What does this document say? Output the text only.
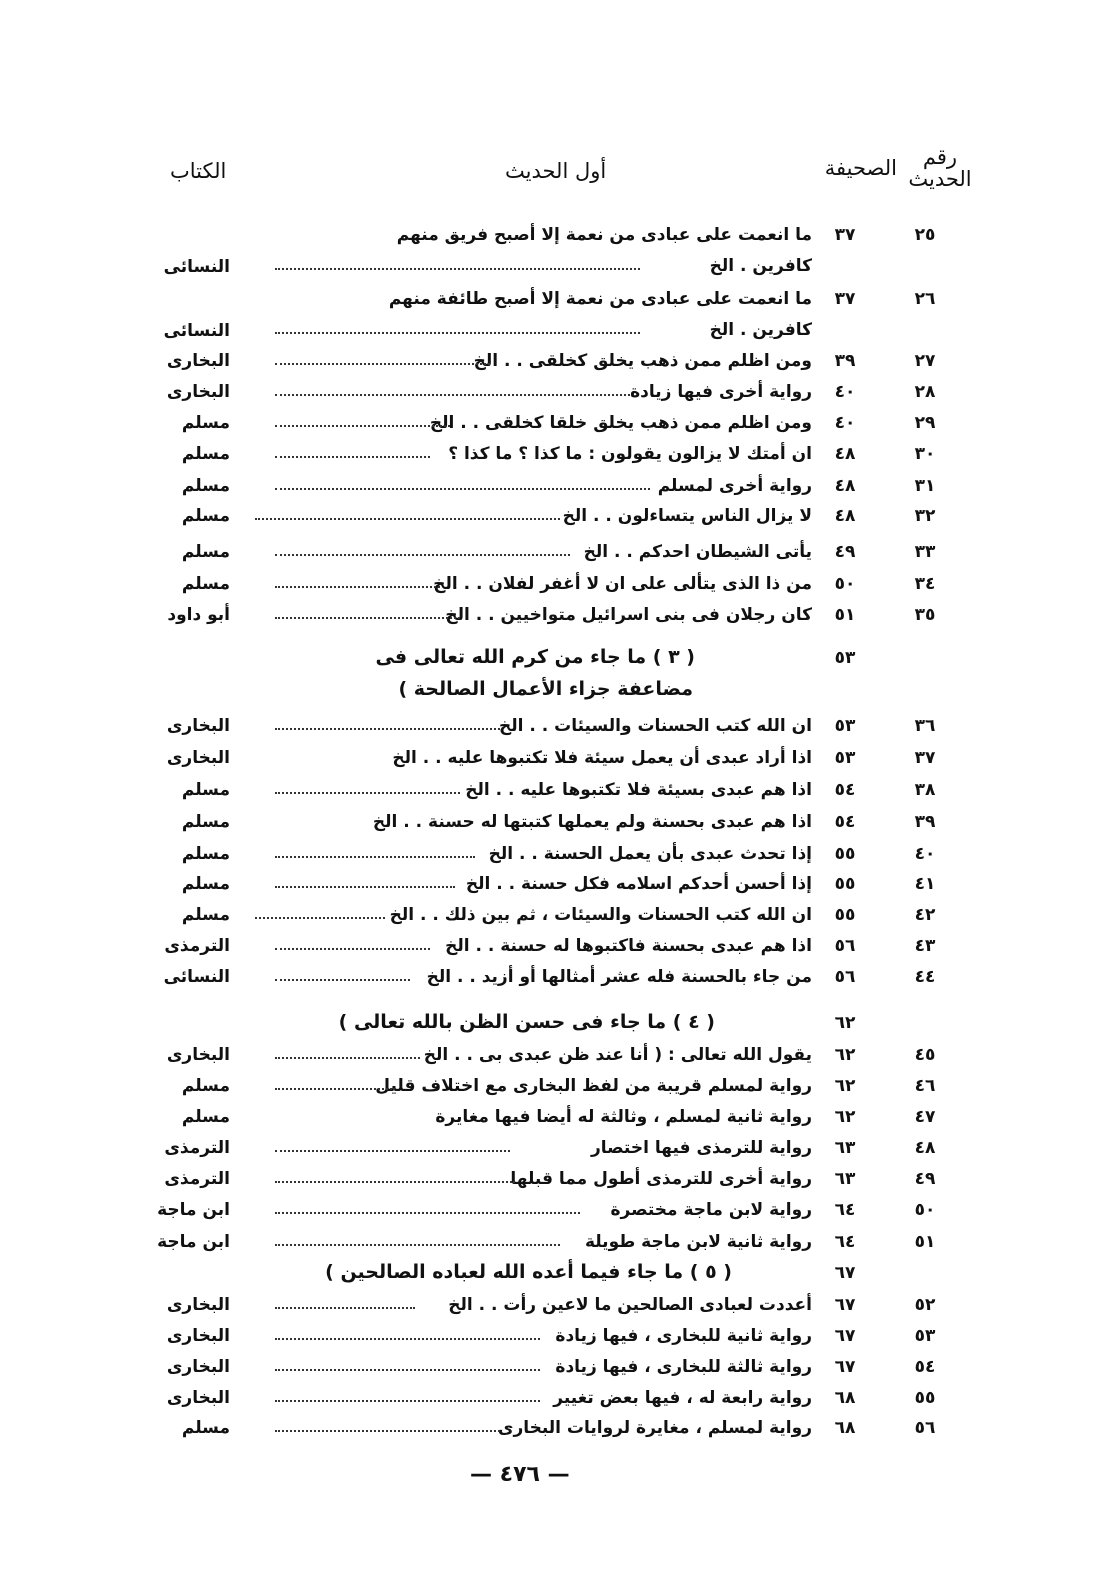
رقم
الحديث
الصحيفة
أول الحديث
الكتاب
٢٥
٣٧
ما انعمت على عبادى من نعمة إلا أصبح فريق منهم
كافرين . الخ
النسائى
٢٦
٣٧
ما انعمت على عبادى من نعمة إلا أصبح طائفة منهم
كافرين . الخ
النسائى
٢٧
٣٩
ومن اظلم ممن ذهب يخلق كخلقى . . الخ
البخارى
٢٨
٤٠
رواية أخرى فيها زيادة
البخارى
٢٩
٤٠
ومن اظلم ممن ذهب يخلق خلقا كخلقى . . الخ
مسلم
٣٠
٤٨
ان أمتك لا يزالون يقولون : ما كذا ؟ ما كذا ؟
مسلم
٣١
٤٨
رواية أخرى لمسلم
مسلم
٣٢
٤٨
لا يزال الناس يتساءلون . . الخ
مسلم
٣٣
٤٩
يأتى الشيطان احدكم . . الخ
مسلم
٣٤
٥٠
من ذا الذى يتألى على ان لا أغفر لفلان . . الخ
مسلم
٣٥
٥١
كان رجلان فى بنى اسرائيل متواخيين . . الخ
أبو داود
٣٦
٥٣
ان الله كتب الحسنات والسيئات . . الخ
البخارى
٣٧
٥٣
اذا أراد عبدى أن يعمل سيئة فلا تكتبوها عليه . . الخ
البخارى
٣٨
٥٤
اذا هم عبدى بسيئة فلا تكتبوها عليه . . الخ
مسلم
٣٩
٥٤
اذا هم عبدى بحسنة ولم يعملها كتبتها له حسنة . . الخ
مسلم
٤٠
٥٥
إذا تحدث عبدى بأن يعمل الحسنة . . الخ
مسلم
٤١
٥٥
إذا أحسن أحدكم اسلامه فكل حسنة . . الخ
مسلم
٤٢
٥٥
ان الله كتب الحسنات والسيئات ، ثم بين ذلك . . الخ
مسلم
٤٣
٥٦
اذا هم عبدى بحسنة فاكتبوها له حسنة . . الخ
الترمذى
٤٤
٥٦
من جاء بالحسنة فله عشر أمثالها أو أزيد . . الخ
النسائى
٤٥
٦٢
يقول الله تعالى : ( أنا عند ظن عبدى بى . . الخ
البخارى
٤٦
٦٢
رواية لمسلم قريبة من لفظ البخارى مع اختلاف قليل
مسلم
٤٧
٦٢
رواية ثانية لمسلم ، وثالثة له أيضا فيها مغايرة
مسلم
٤٨
٦٣
رواية للترمذى فيها اختصار
الترمذى
٤٩
٦٣
رواية أخرى للترمذى أطول مما قبلها
الترمذى
٥٠
٦٤
رواية لابن ماجة مختصرة
ابن ماجة
٥١
٦٤
رواية ثانية لابن ماجة طويلة
ابن ماجة
٥٢
٦٧
أعددت لعبادى الصالحين ما لاعين رأت . . الخ
البخارى
٥٣
٦٧
رواية ثانية للبخارى ، فيها زيادة
البخارى
٥٤
٦٧
رواية ثالثة للبخارى ، فيها زيادة
البخارى
٥٥
٦٨
رواية رابعة له ، فيها بعض تغيير
البخارى
٥٦
٦٨
رواية لمسلم ، مغايرة لروايات البخارى
مسلم
٥٣
( ٣ ) ما جاء من كرم الله تعالى فى
مضاعفة جزاء الأعمال الصالحة )
٦٢
( ٤ ) ما جاء فى حسن الظن بالله تعالى )
٦٧
( ٥ ) ما جاء فيما أعده الله لعباده الصالحين )
— ٤٧٦ —
